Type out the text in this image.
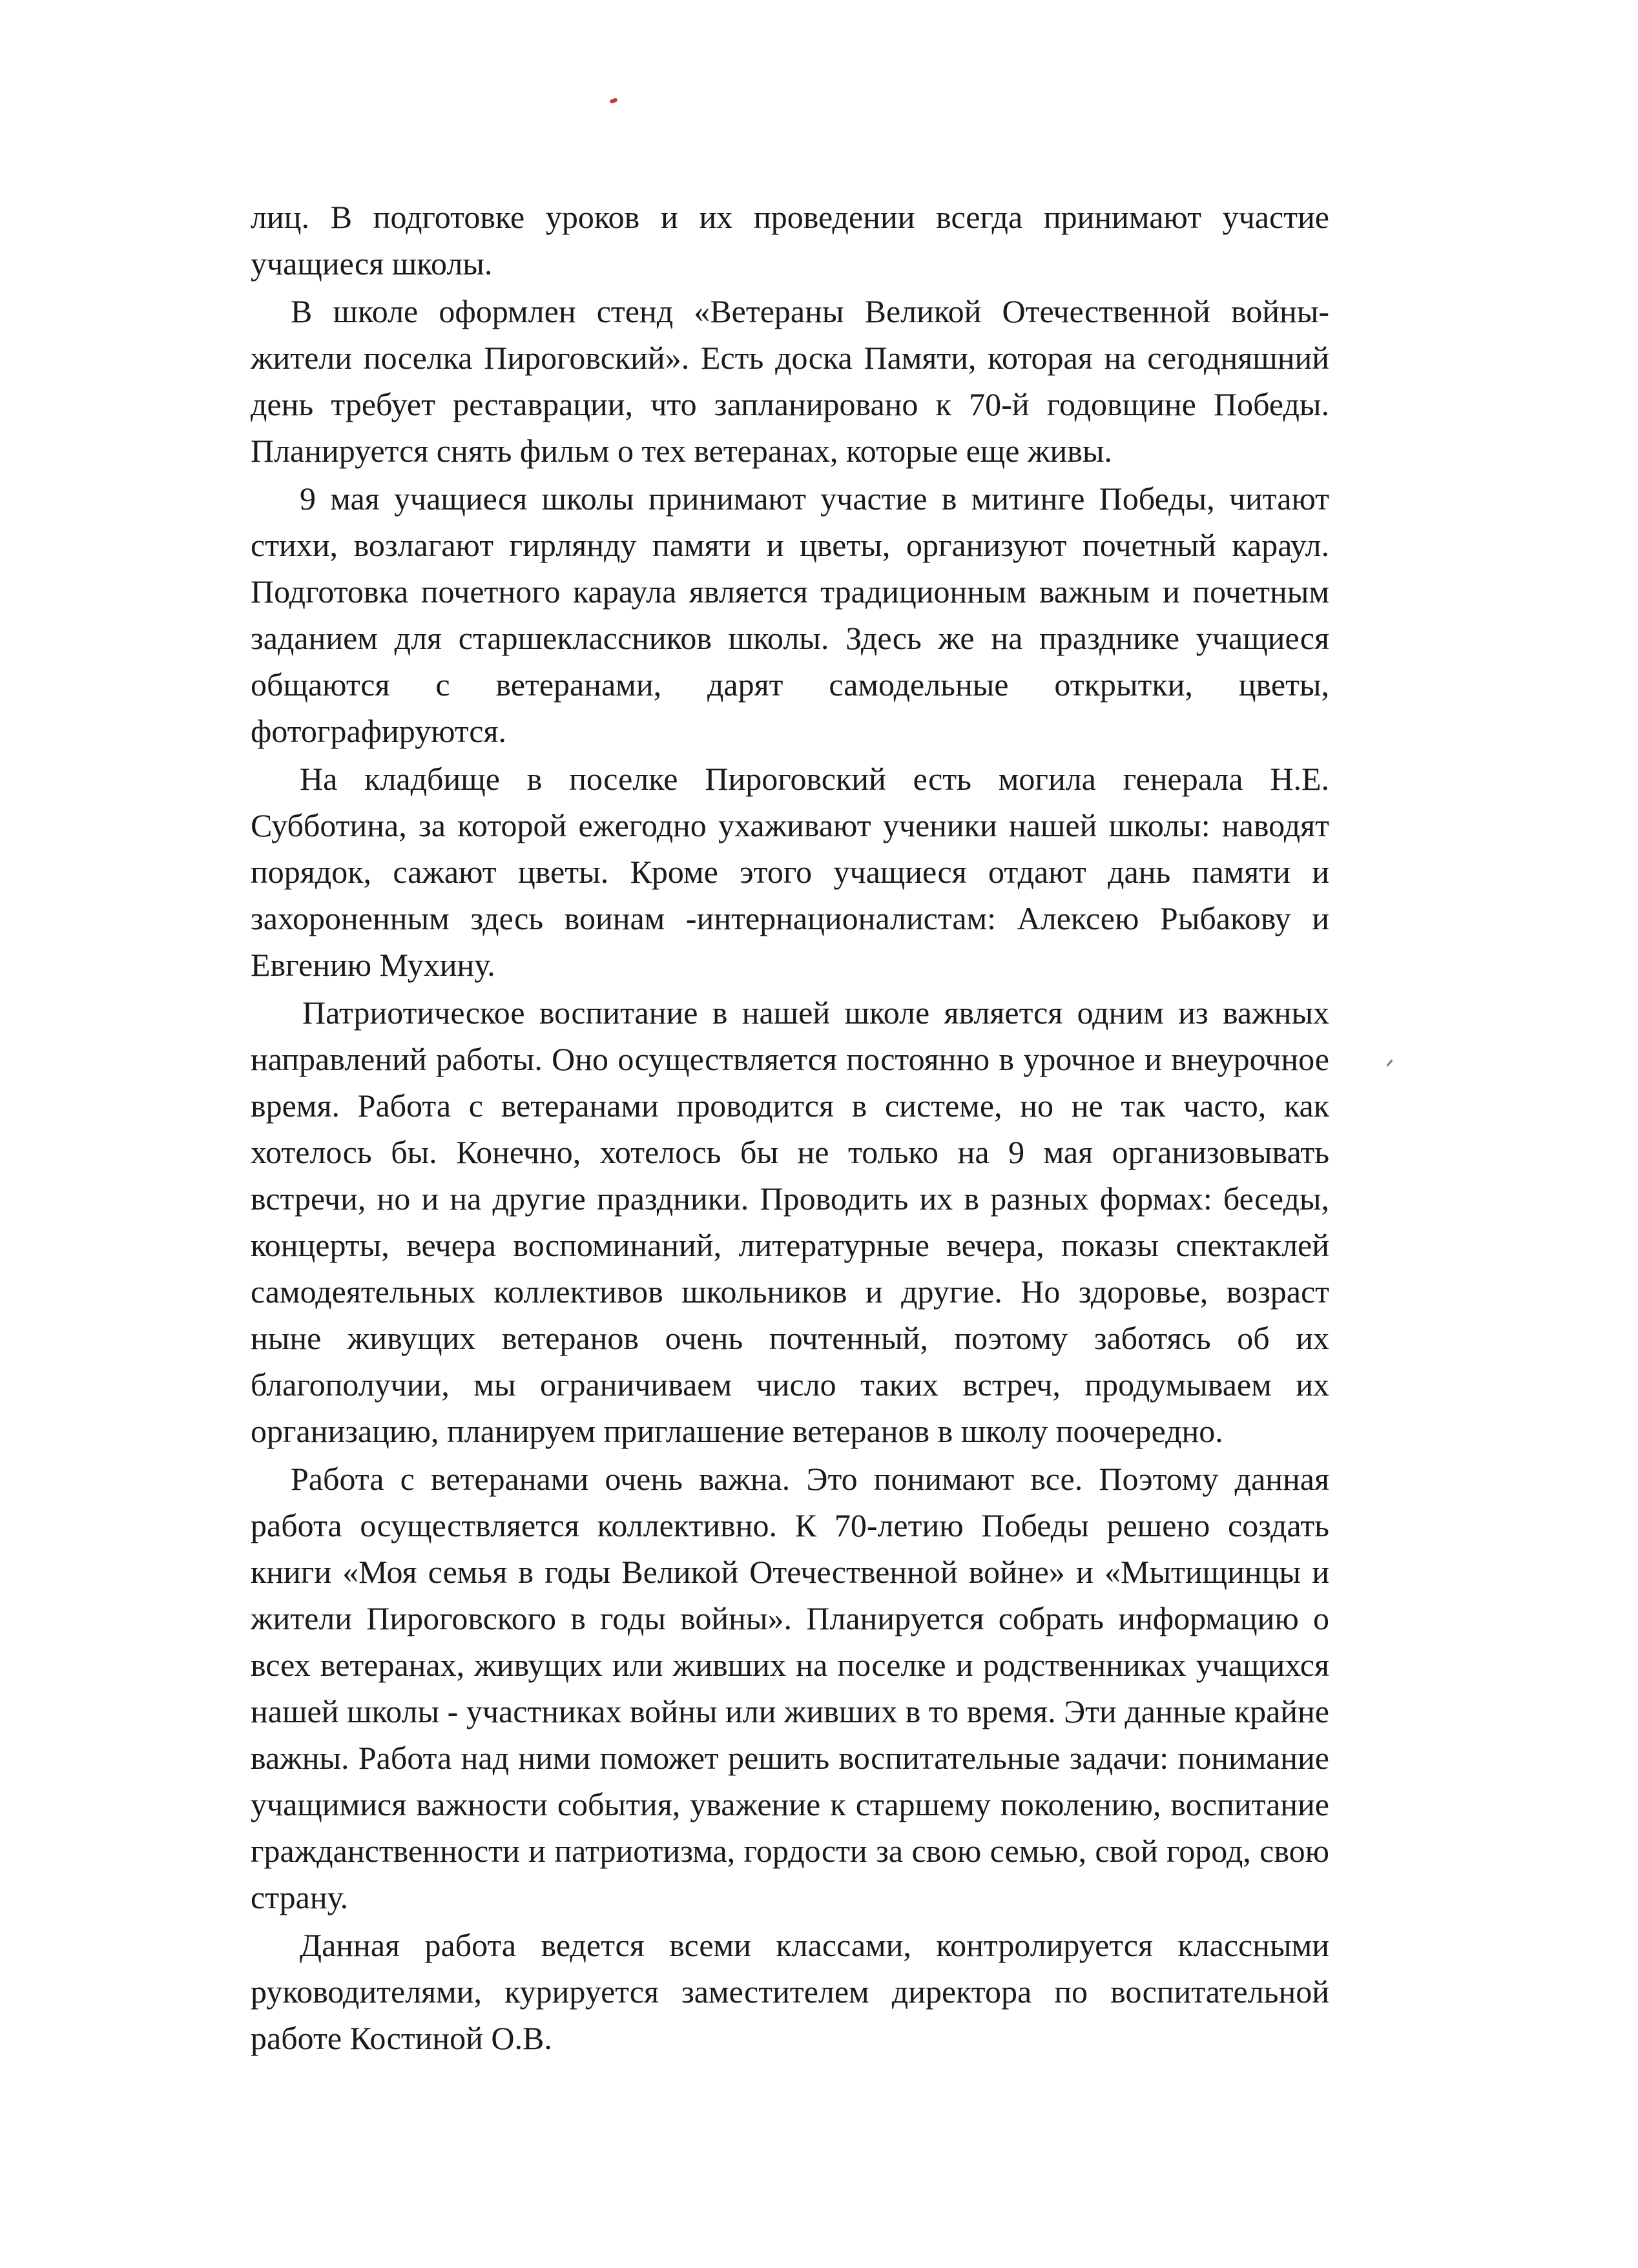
лиц. В подготовке уроков и их проведении всегда принимают участие учащиеся школы.

В школе оформлен стенд «Ветераны Великой Отечественной войны- жители поселка Пироговский». Есть доска Памяти, которая на сегодняшний день требует реставрации, что запланировано к 70-й годовщине Победы. Планируется снять фильм о тех ветеранах, которые еще живы.

9 мая учащиеся школы принимают участие в митинге Победы, читают стихи, возлагают гирлянду памяти и цветы, организуют почетный караул. Подготовка почетного караула является традиционным важным и почетным заданием для старшеклассников школы. Здесь же на празднике учащиеся общаются с ветеранами, дарят самодельные открытки, цветы, фотографируются.

На кладбище в поселке Пироговский есть могила генерала Н.Е. Субботина, за которой ежегодно ухаживают ученики нашей школы: наводят порядок, сажают цветы. Кроме этого учащиеся отдают дань памяти и захороненным здесь воинам -интернационалистам: Алексею Рыбакову и Евгению Мухину.

Патриотическое воспитание в нашей школе является одним из важных направлений работы. Оно осуществляется постоянно в урочное и внеурочное время. Работа с ветеранами проводится в системе, но не так часто, как хотелось бы. Конечно, хотелось бы не только на 9 мая организовывать встречи, но и на другие праздники. Проводить их в разных формах: беседы, концерты, вечера воспоминаний, литературные вечера, показы спектаклей самодеятельных коллективов школьников и другие. Но здоровье, возраст ныне живущих ветеранов очень почтенный, поэтому заботясь об их благополучии, мы ограничиваем число таких встреч, продумываем их организацию, планируем приглашение ветеранов в школу поочередно.

Работа с ветеранами очень важна. Это понимают все. Поэтому данная работа осуществляется коллективно. К 70-летию Победы решено создать книги «Моя семья в годы Великой Отечественной войне» и «Мытищинцы и жители Пироговского в годы войны». Планируется собрать информацию о всех ветеранах, живущих или живших на поселке и родственниках учащихся нашей школы - участниках войны или живших в то время. Эти данные крайне важны. Работа над ними поможет решить воспитательные задачи: понимание учащимися важности события, уважение к старшему поколению, воспитание гражданственности и патриотизма, гордости за свою семью, свой город, свою страну.

Данная работа ведется всеми классами, контролируется классными руководителями, курируется заместителем директора по воспитательной работе Костиной О.В.
